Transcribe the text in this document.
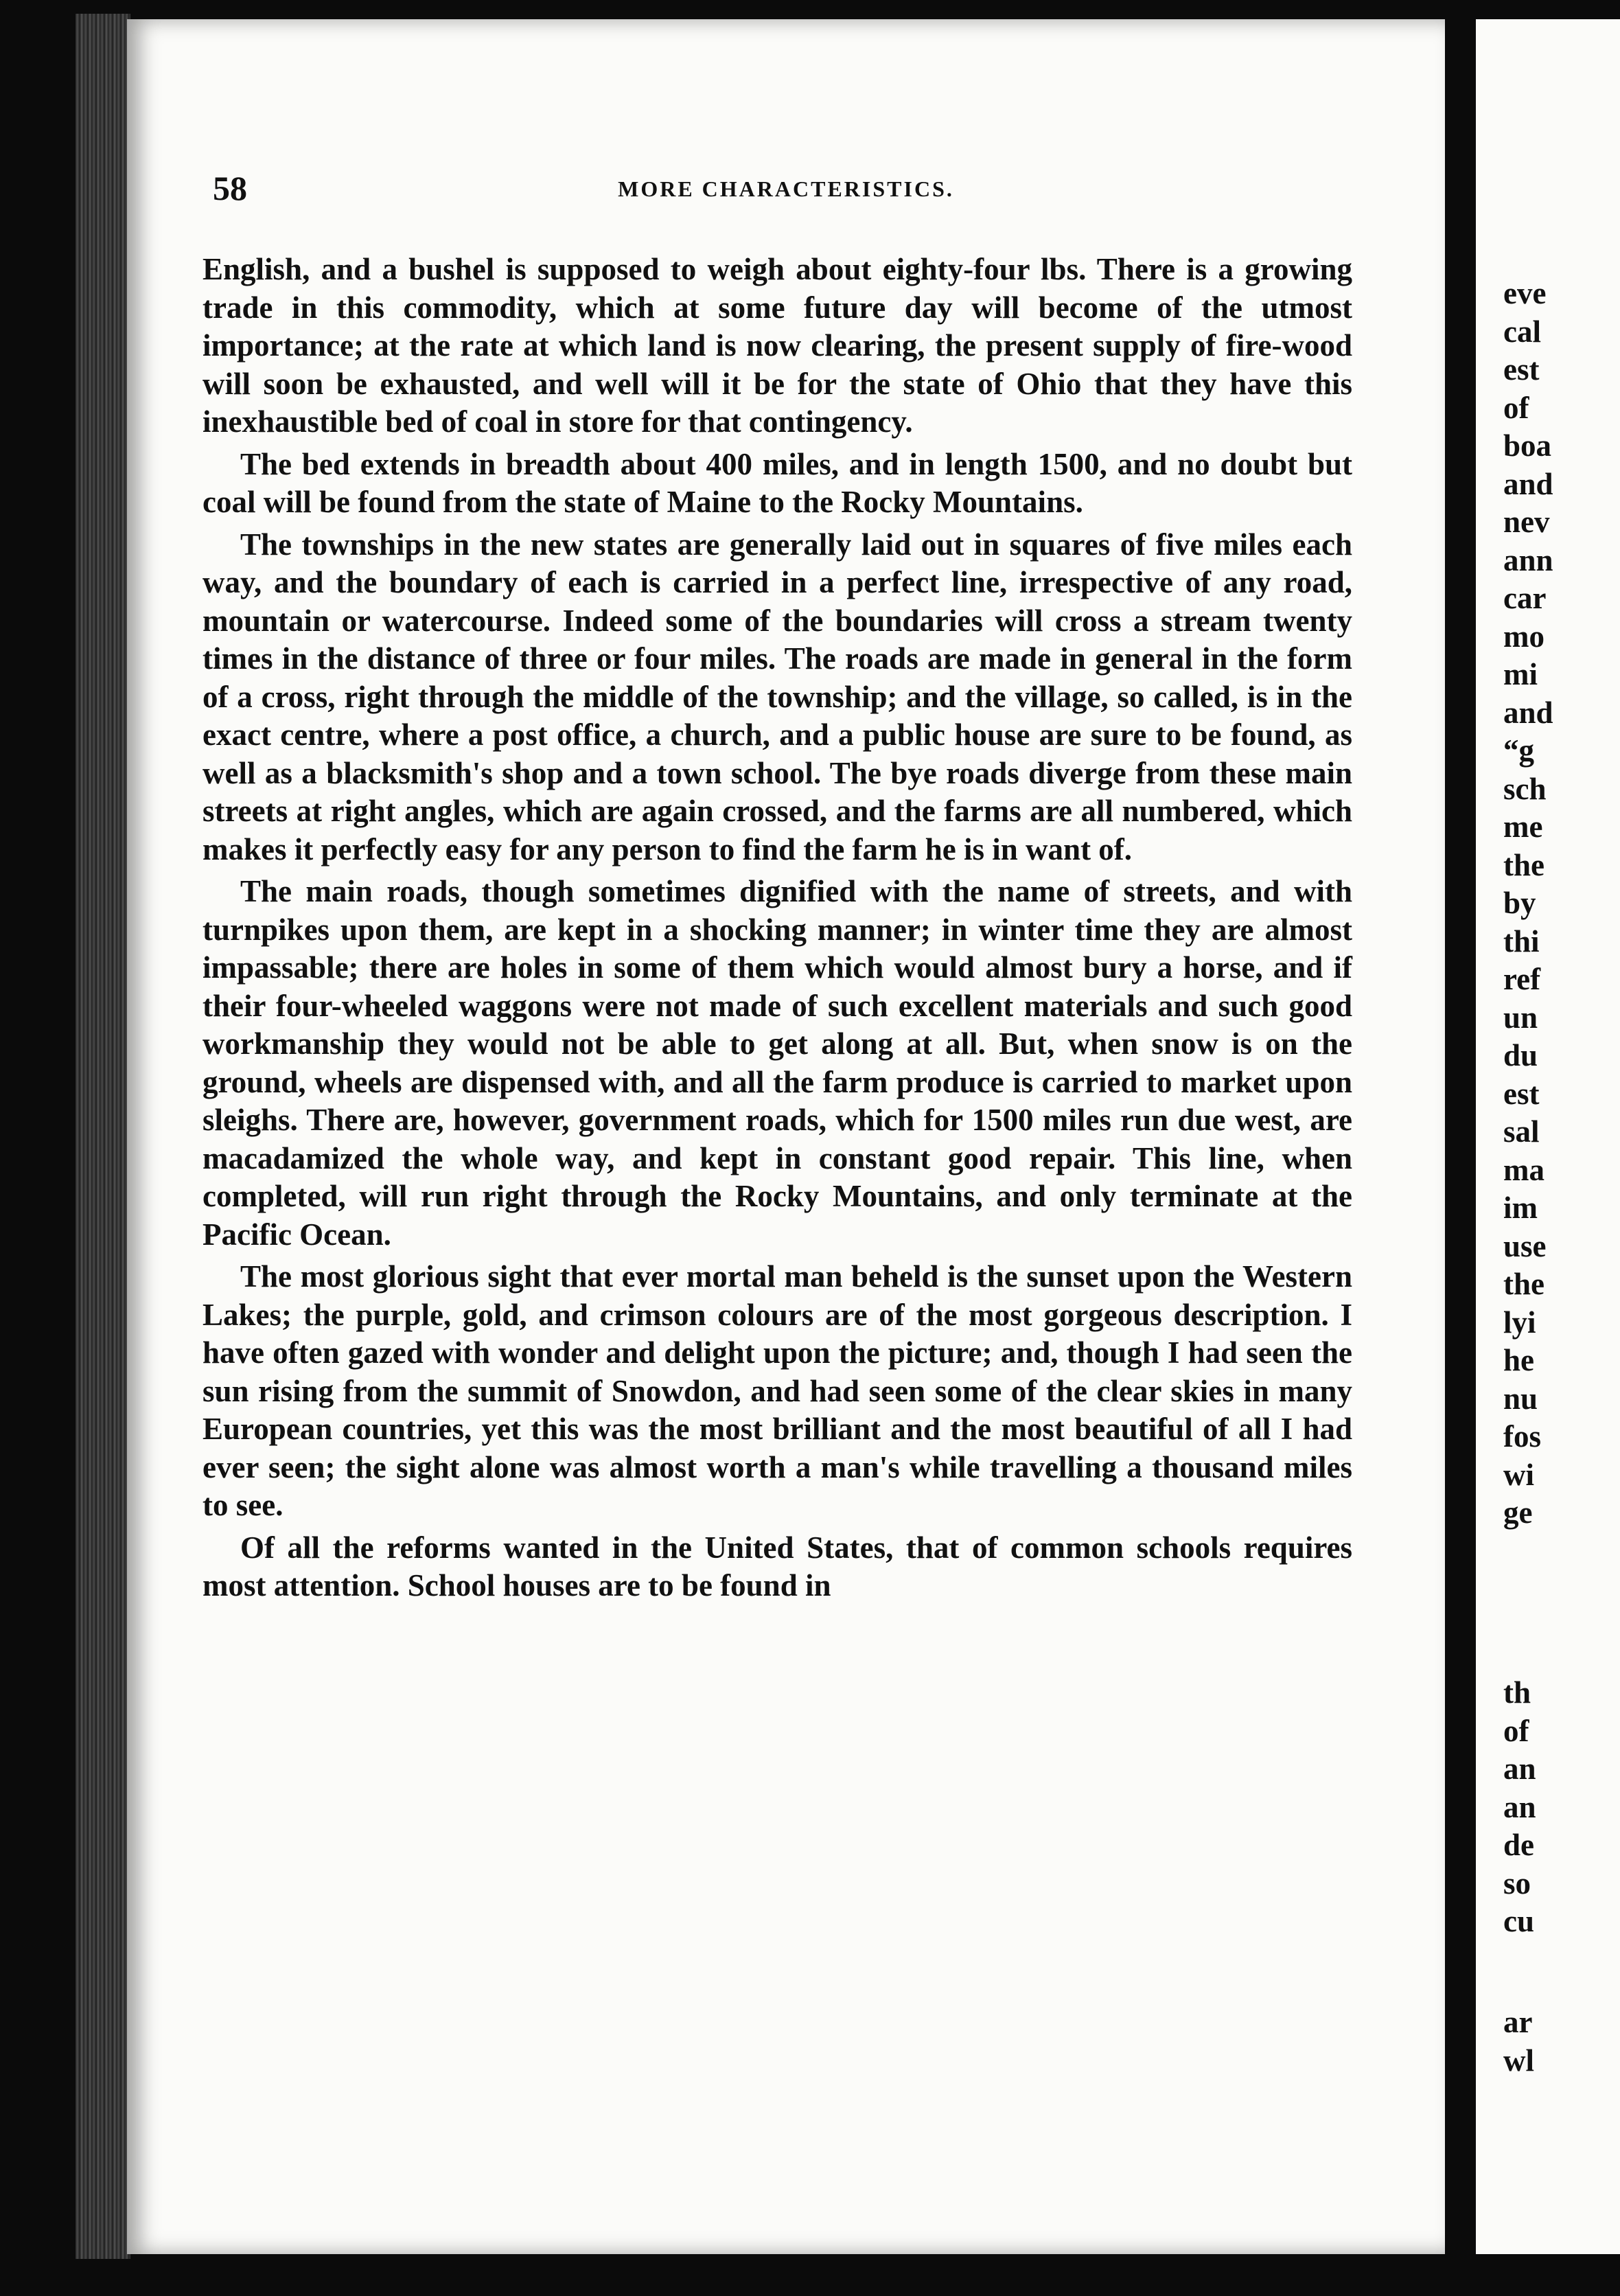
eve
cal
est
of
boa
and
nev
ann
car
mo
mi
and
“g
sch
me
the
by
thi
ref
un
du
est
sal
ma
im
use
the
lyi
he
nu
fos
wi
ge
th
of
an
an
de
so
cu
ar
wl
58	MORE CHARACTERISTICS.

English, and a bushel is supposed to weigh about eighty-four lbs. There is a growing trade in this commodity, which at some future day will become of the utmost importance; at the rate at which land is now clearing, the present supply of fire-wood will soon be exhausted, and well will it be for the state of Ohio that they have this inexhaustible bed of coal in store for that contingency.

The bed extends in breadth about 400 miles, and in length 1500, and no doubt but coal will be found from the state of Maine to the Rocky Mountains.

The townships in the new states are generally laid out in squares of five miles each way, and the boundary of each is carried in a perfect line, irrespective of any road, mountain or watercourse. Indeed some of the boundaries will cross a stream twenty times in the distance of three or four miles. The roads are made in general in the form of a cross, right through the middle of the township; and the village, so called, is in the exact centre, where a post office, a church, and a public house are sure to be found, as well as a blacksmith's shop and a town school. The bye roads diverge from these main streets at right angles, which are again crossed, and the farms are all numbered, which makes it perfectly easy for any person to find the farm he is in want of.

The main roads, though sometimes dignified with the name of streets, and with turnpikes upon them, are kept in a shocking manner; in winter time they are almost impassable; there are holes in some of them which would almost bury a horse, and if their four-wheeled waggons were not made of such excellent materials and such good workmanship they would not be able to get along at all. But, when snow is on the ground, wheels are dispensed with, and all the farm produce is carried to market upon sleighs. There are, however, government roads, which for 1500 miles run due west, are macadamized the whole way, and kept in constant good repair. This line, when completed, will run right through the Rocky Mountains, and only terminate at the Pacific Ocean.

The most glorious sight that ever mortal man beheld is the sunset upon the Western Lakes; the purple, gold, and crimson colours are of the most gorgeous description. I have often gazed with wonder and delight upon the picture; and, though I had seen the sun rising from the summit of Snowdon, and had seen some of the clear skies in many European countries, yet this was the most brilliant and the most beautiful of all I had ever seen; the sight alone was almost worth a man's while travelling a thousand miles to see.

Of all the reforms wanted in the United States, that of common schools requires most attention. School houses are to be found in
